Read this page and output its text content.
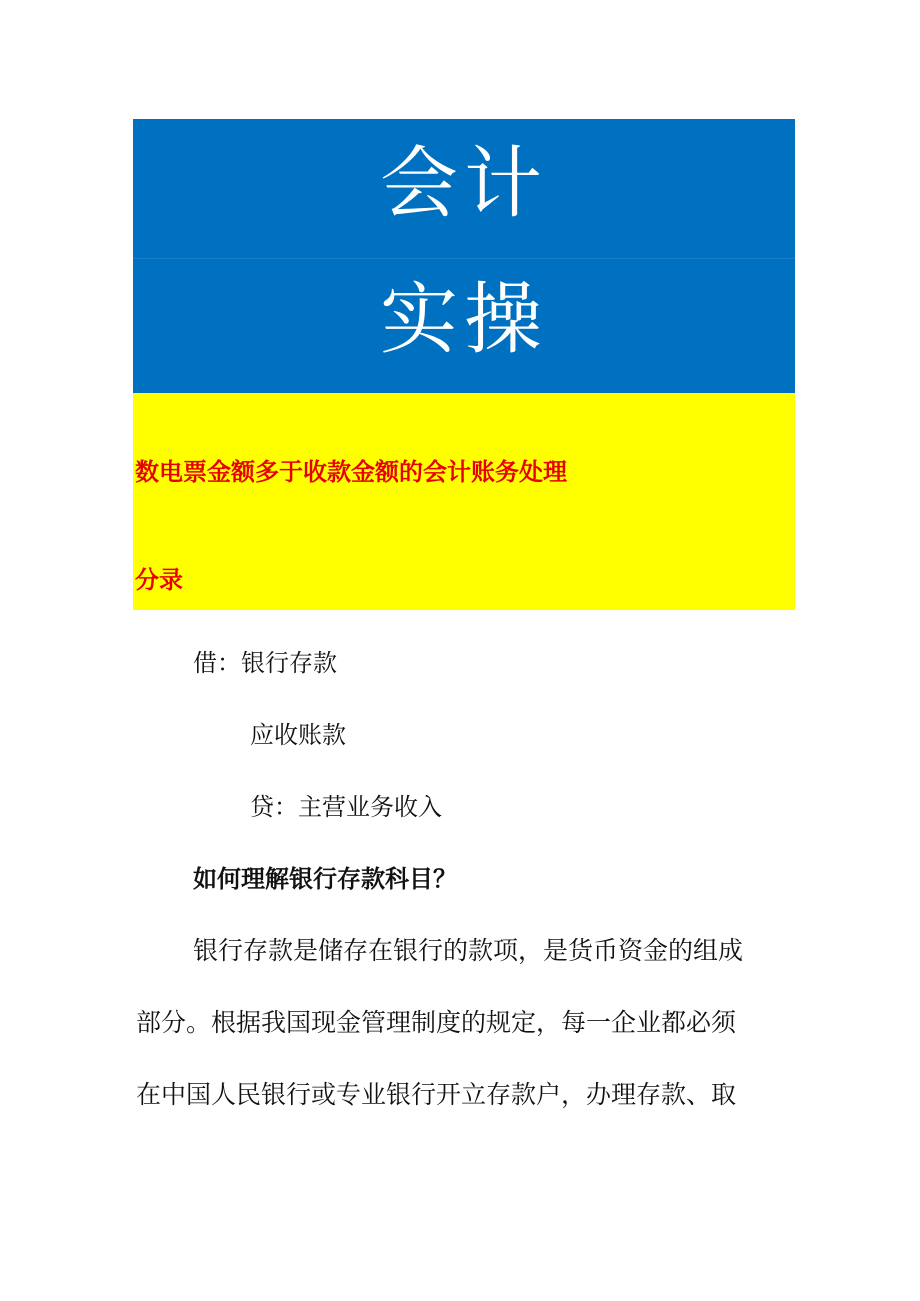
会计
实操
数电票金额多于收款金额的会计账务处理
分录
借：银行存款
应收账款
贷：主营业务收入
如何理解银行存款科目？
银行存款是储存在银行的款项，是货币资金的组成
部分。根据我国现金管理制度的规定，每一企业都必须
在中国人民银行或专业银行开立存款户，办理存款、取
